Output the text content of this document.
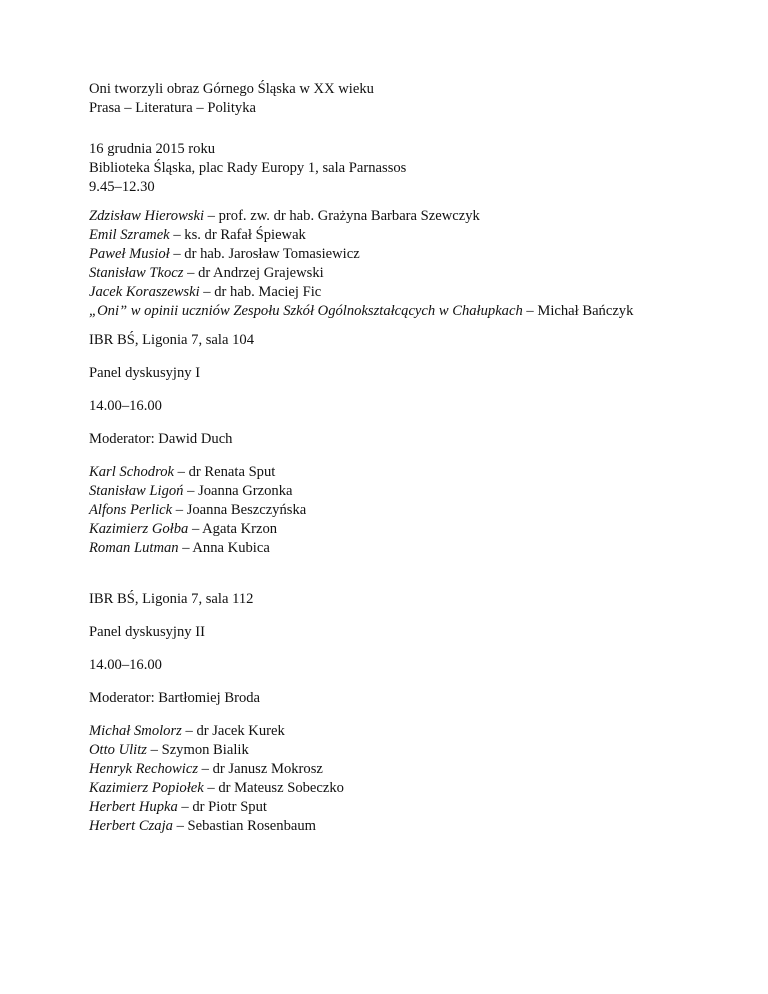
Oni tworzyli obraz Górnego Śląska w XX wieku
Prasa – Literatura – Polityka
16 grudnia 2015 roku
Biblioteka Śląska, plac Rady Europy 1, sala Parnassos
9.45–12.30
Zdzisław Hierowski – prof. zw. dr hab. Grażyna Barbara Szewczyk
Emil Szramek – ks. dr Rafał Śpiewak
Paweł Musioł – dr hab. Jarosław Tomasiewicz
Stanisław Tkocz – dr Andrzej Grajewski
Jacek Koraszewski – dr hab. Maciej Fic
„Oni” w opinii uczniów Zespołu Szkół Ogólnokształcących w Chałupkach – Michał Bańczyk
IBR BŚ, Ligonia 7, sala 104
Panel dyskusyjny I
14.00–16.00
Moderator: Dawid Duch
Karl Schodrok – dr Renata Sput
Stanisław Ligoń – Joanna Grzonka
Alfons Perlick – Joanna Beszczyńska
Kazimierz Gołba – Agata Krzon
Roman Lutman – Anna Kubica
IBR BŚ, Ligonia 7, sala 112
Panel dyskusyjny II
14.00–16.00
Moderator: Bartłomiej Broda
Michał Smolorz – dr Jacek Kurek
Otto Ulitz – Szymon Bialik
Henryk Rechowicz – dr Janusz Mokrosz
Kazimierz Popiołek – dr Mateusz Sobeczko
Herbert Hupka – dr Piotr Sput
Herbert Czaja – Sebastian Rosenbaum
